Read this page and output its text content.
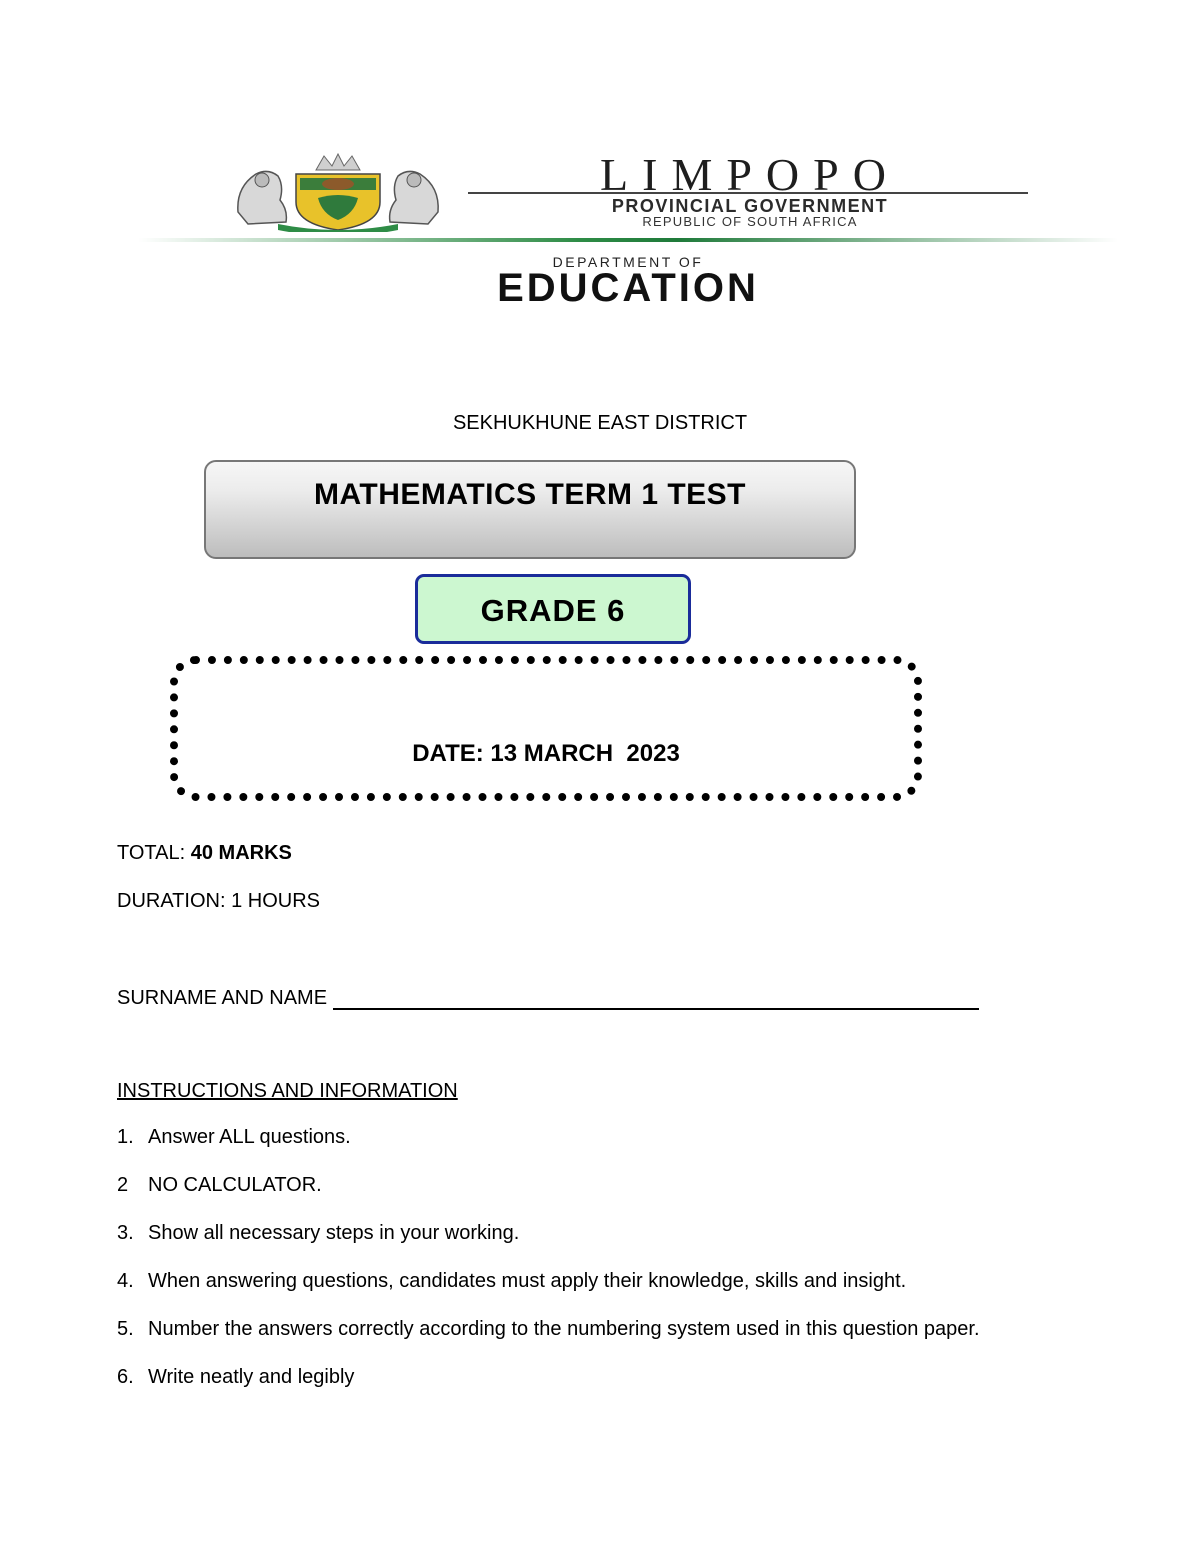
LIMPOPO
PROVINCIAL GOVERNMENT
REPUBLIC OF SOUTH AFRICA
DEPARTMENT OF
EDUCATION
SEKHUKHUNE EAST DISTRICT
MATHEMATICS TERM 1 TEST
GRADE 6
DATE: 13 MARCH  2023
TOTAL: 40 MARKS
DURATION: 1 HOURS
SURNAME AND NAME
INSTRUCTIONS AND INFORMATION
1. Answer ALL questions.
2 NO CALCULATOR.
3. Show all necessary steps in your working.
4. When answering questions, candidates must apply their knowledge, skills and insight.
5. Number the answers correctly according to the numbering system used in this question paper.
6. Write neatly and legibly
